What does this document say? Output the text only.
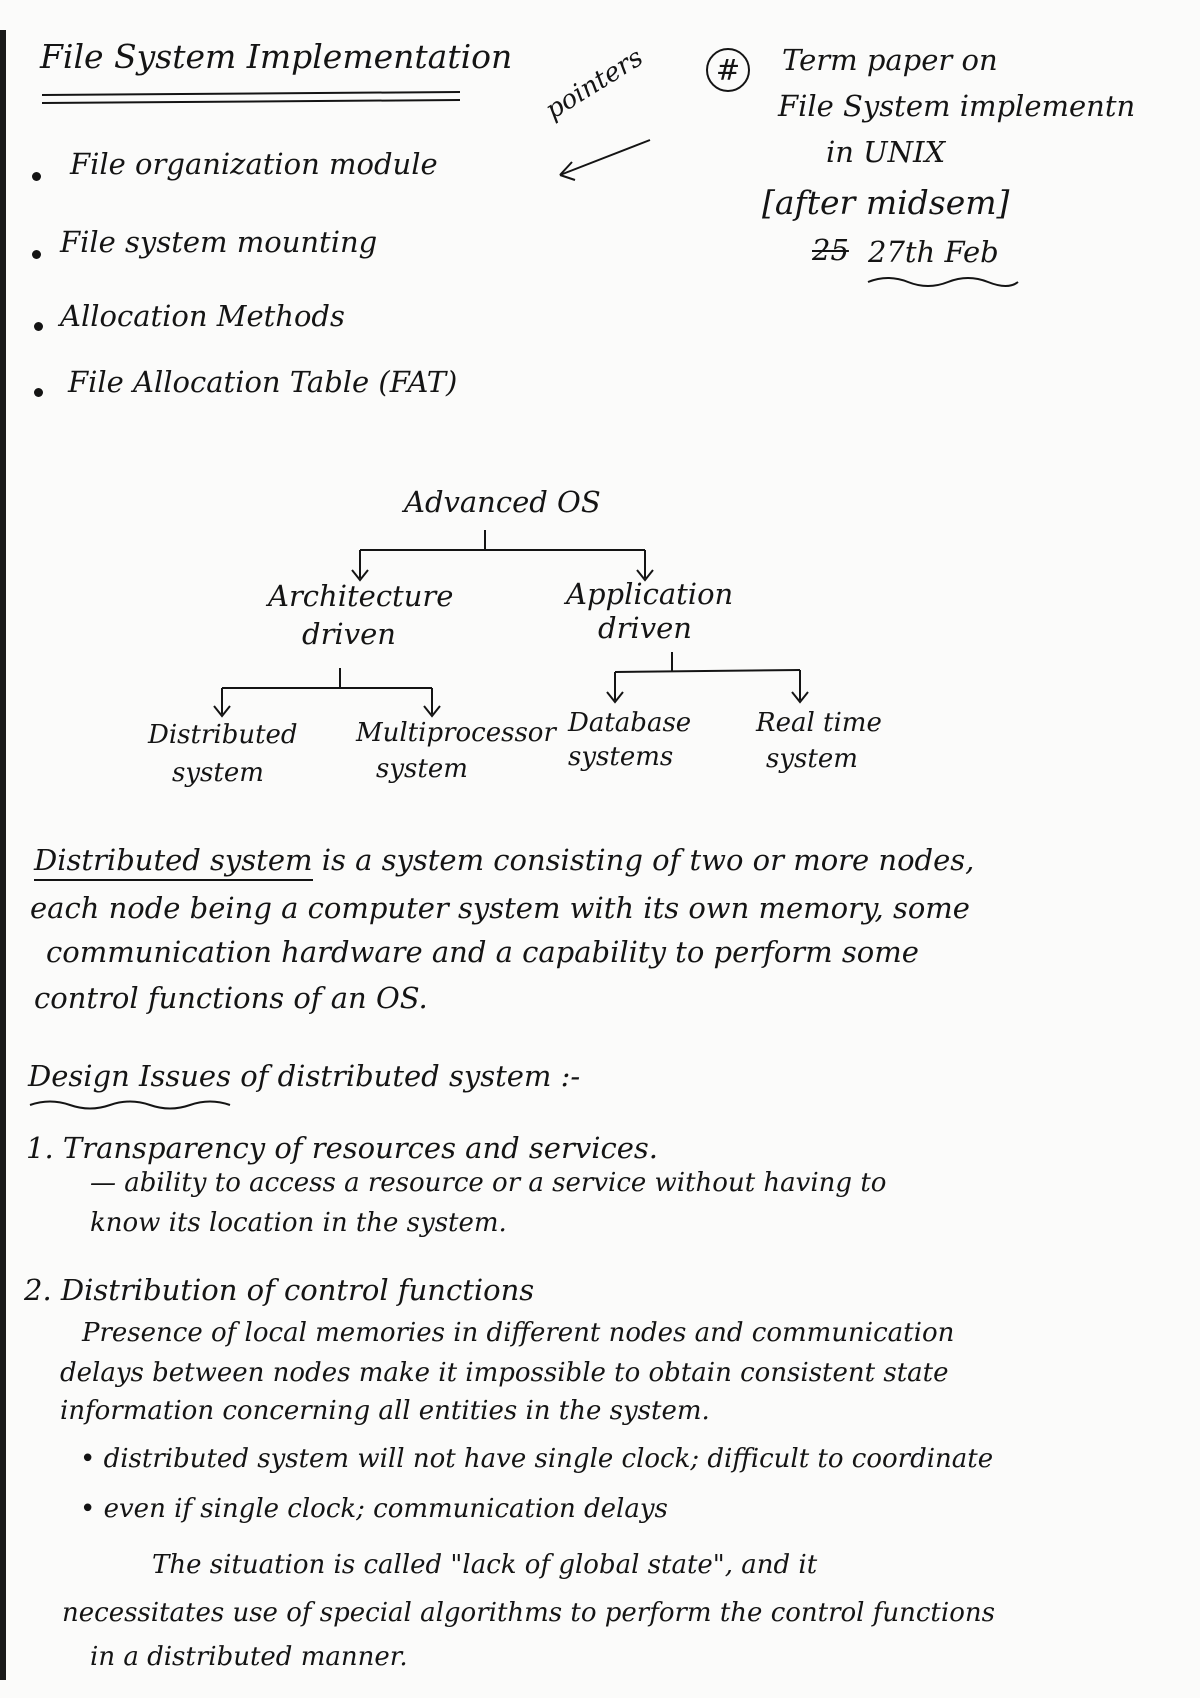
File System Implementation pointers
File organization module
File system mounting
Allocation Methods
File Allocation Table (FAT)
#	Term paper on
File System implementn
in UNIX
[after midsem]
25 27th Feb
Advanced OS
Architecture
driven
Application
driven
Distributed
system
Multiprocessor
system
Database
systems
Real time
system
Distributed system is a system consisting of two or more nodes,
each node being a computer system with its own memory, some
communication hardware and a capability to perform some
control functions of an OS.
Design Issues of distributed system :-
1. Transparency of resources and services.
— ability to access a resource or a service without having to
know its location in the system.
2. Distribution of control functions
Presence of local memories in different nodes and communication
delays between nodes make it impossible to obtain consistent state
information concerning all entities in the system.
• distributed system will not have single clock; difficult to coordinate
• even if single clock; communication delays
The situation is called "lack of global state", and it
necessitates use of special algorithms to perform the control functions
in a distributed manner.
